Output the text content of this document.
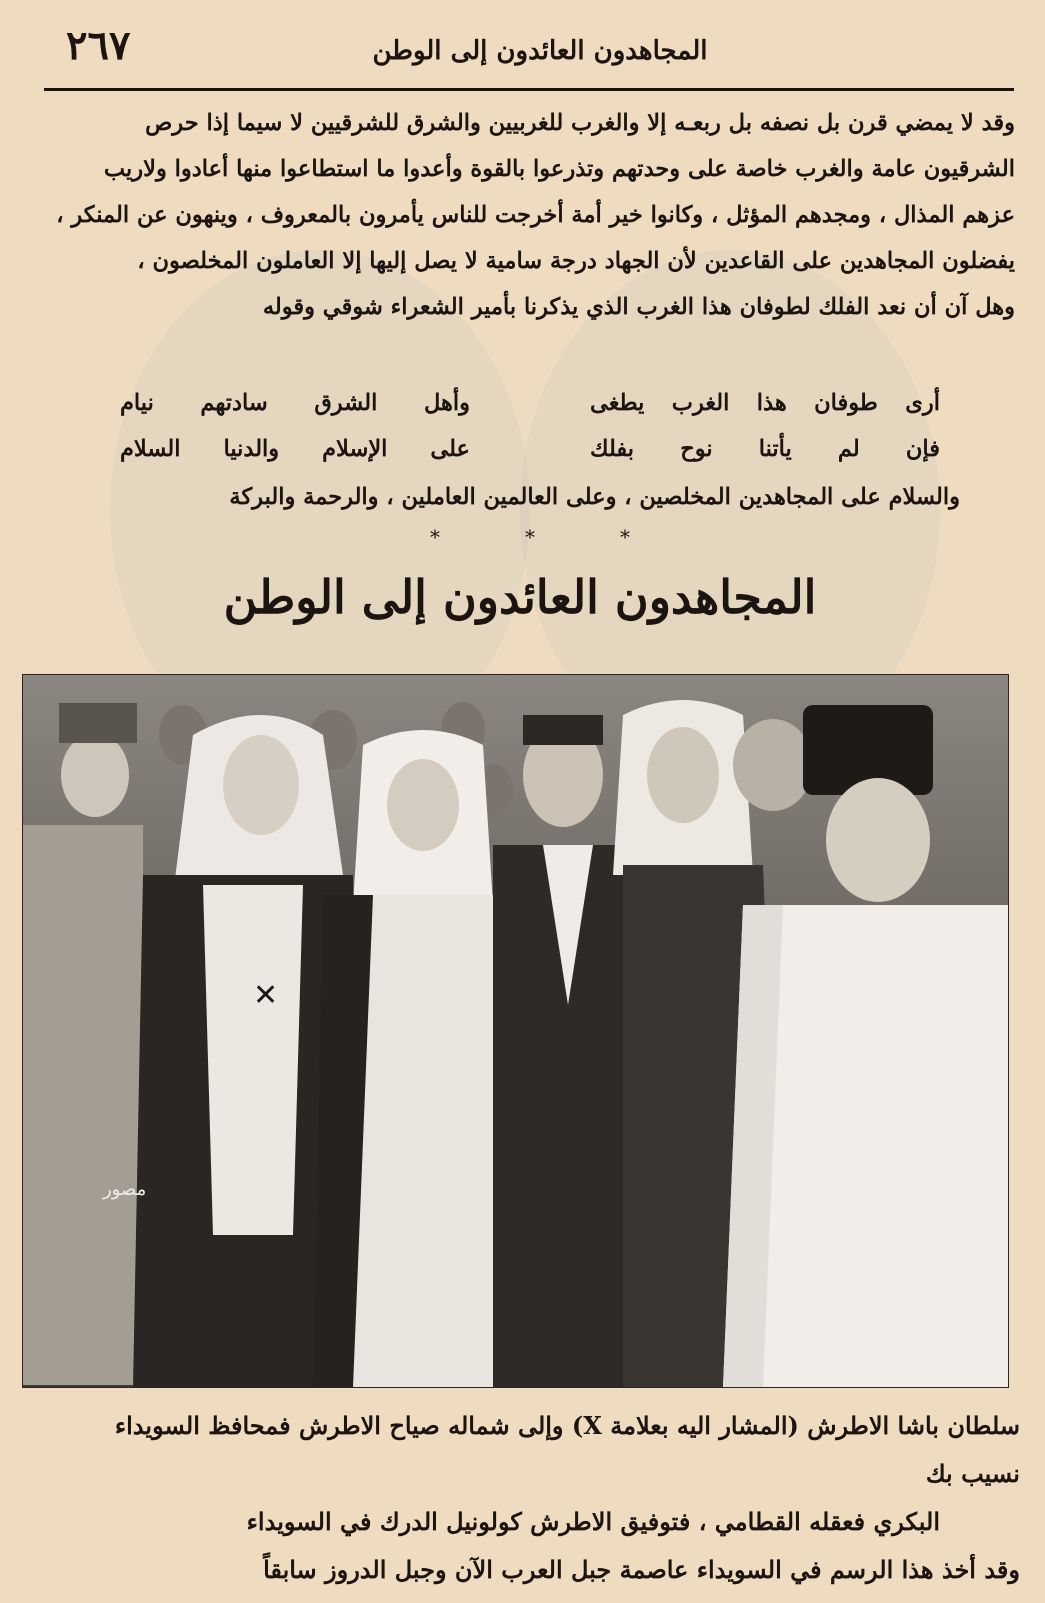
٢٦٧	المجاهدون العائدون إلى الوطن

وقد لا يمضي قرن بل نصفه بل ربعـه إلا والغرب للغربيين والشرق للشرقيين لا سيما إذا حرص

الشرقيون عامة والغرب خاصة على وحدتهم وتذرعوا بالقوة وأعدوا ما استطاعوا منها أعادوا ولاريب

عزهم المذال ، ومجدهم المؤثل ، وكانوا خير أمة أخرجت للناس يأمرون بالمعروف ، وينهون عن المنكر ،

يفضلون المجاهدين على القاعدين لأن الجهاد درجة سامية لا يصل إليها إلا العاملون المخلصون ،

وهل آن أن نعد الفلك لطوفان هذا الغرب الذي يذكرنا بأمير الشعراء شوقي وقوله

أرى طوفان هذا الغرب يطغى
وأهل الشرق سادتهم نيام
فإن لم يأتنا نوح بفلك
على الإسلام والدنيا السلام
والسلام على المجاهدين المخلصين ، وعلى العالمين العاملين ، والرحمة والبركة
*	*	*
المجاهدون العائدون إلى الوطن
✕
مصور

سلطان باشا الاطرش (المشار اليه بعلامة X) وإلى شماله صياح الاطرش فمحافظ السويداء نسيب بك

البكري فعقله القطامي ، فتوفيق الاطرش كولونيل الدرك في السويداء

وقد أخذ هذا الرسم في السويداء عاصمة جبل العرب الآن وجبل الدروز سابقاً
